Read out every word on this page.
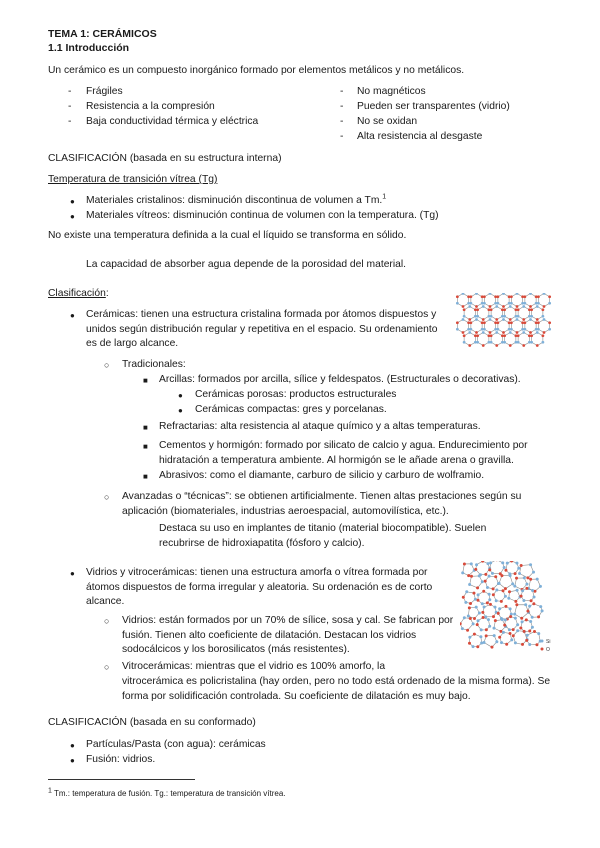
TEMA 1: CERÁMICOS
1.1 Introducción
Un cerámico es un compuesto inorgánico formado por elementos metálicos y no metálicos.
- Frágiles
- Resistencia a la compresión
- Baja conductividad térmica y eléctrica
- No magnéticos
- Pueden ser transparentes (vidrio)
- No se oxidan
- Alta resistencia al desgaste
CLASIFICACIÓN (basada en su estructura interna)
Temperatura de transición vítrea (Tg)
● Materiales cristalinos: disminución discontinua de volumen a Tm.$^1$
● Materiales vítreos: disminución continua de volumen con la temperatura. (Tg)
No existe una temperatura definida a la cual el líquido se transforma en sólido.
La capacidad de absorber agua depende de la porosidad del material.
Clasificación:
● Cerámicas: tienen una estructura cristalina formada por átomos dispuestos y unidos según distribución regular y repetitiva en el espacio. Su ordenamiento es de largo alcance.
○ Tradicionales:
■ Arcillas: formados por arcilla, sílice y feldespatos. (Estructurales o decorativas).
● Cerámicas porosas: productos estructurales
● Cerámicas compactas: gres y porcelanas.
■ Refractarias: alta resistencia al ataque químico y a altas temperaturas.
■ Cementos y hormigón: formado por silicato de calcio y agua. Endurecimiento por hidratación a temperatura ambiente. Al hormigón se le añade arena o gravilla.
■ Abrasivos: como el diamante, carburo de silicio y carburo de wolframio.
○ Avanzadas o “técnicas”: se obtienen artificialmente. Tienen altas prestaciones según su aplicación (biomateriales, industrias aeroespacial, automovilística, etc.).
Destaca su uso en implantes de titanio (material biocompatible). Suelen recubrirse de hidroxiapatita (fósforo y calcio).
Si
O
● Vidrios y vitrocerámicas: tienen una estructura amorfa o vítrea formada por átomos dispuestos de forma irregular y aleatoria. Su ordenación es de corto alcance.
○ Vidrios: están formados por un 70% de sílice, sosa y cal. Se fabrican por fusión. Tienen alto coeficiente de dilatación. Destacan los vidrios sodocálcicos y los borosilicatos (más resistentes).
○ Vitrocerámicas: mientras que el vidrio es 100% amorfo, la
vitrocerámica es policristalina (hay orden, pero no todo está ordenado de la misma forma). Se forma por solidificación controlada. Su coeficiente de dilatación es muy bajo.
CLASIFICACIÓN (basada en su conformado)
● Partículas/Pasta (con agua): cerámicas
● Fusión: vidrios.
$^1$ Tm.: temperatura de fusión. Tg.: temperatura de transición vítrea.
